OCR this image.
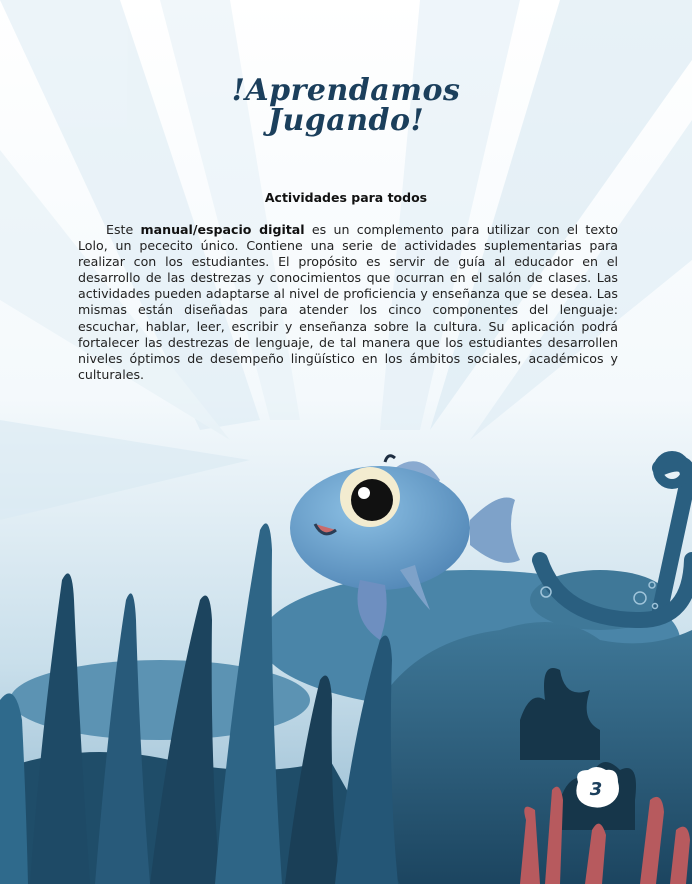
!Aprendamos
Jugando!
Actividades para todos

Este manual/espacio digital es un complemento para utilizar con el texto Lolo, un pececito único. Contiene una serie de actividades suplementarias para realizar con los estudiantes. El propósito es servir de guía al educador en el desarrollo de las destrezas y conocimientos que ocurran en el salón de clases. Las actividades pueden adaptarse al nivel de proficiencia y enseñanza que se desea. Las mismas están diseñadas para atender los cinco componentes del lenguaje: escuchar, hablar, leer, escribir y enseñanza sobre la cultura. Su aplicación podrá fortalecer las destrezas de lenguaje, de tal manera que los estudiantes desarrollen niveles óptimos de desempeño lingüístico en los ámbitos sociales, académicos y culturales.

3
